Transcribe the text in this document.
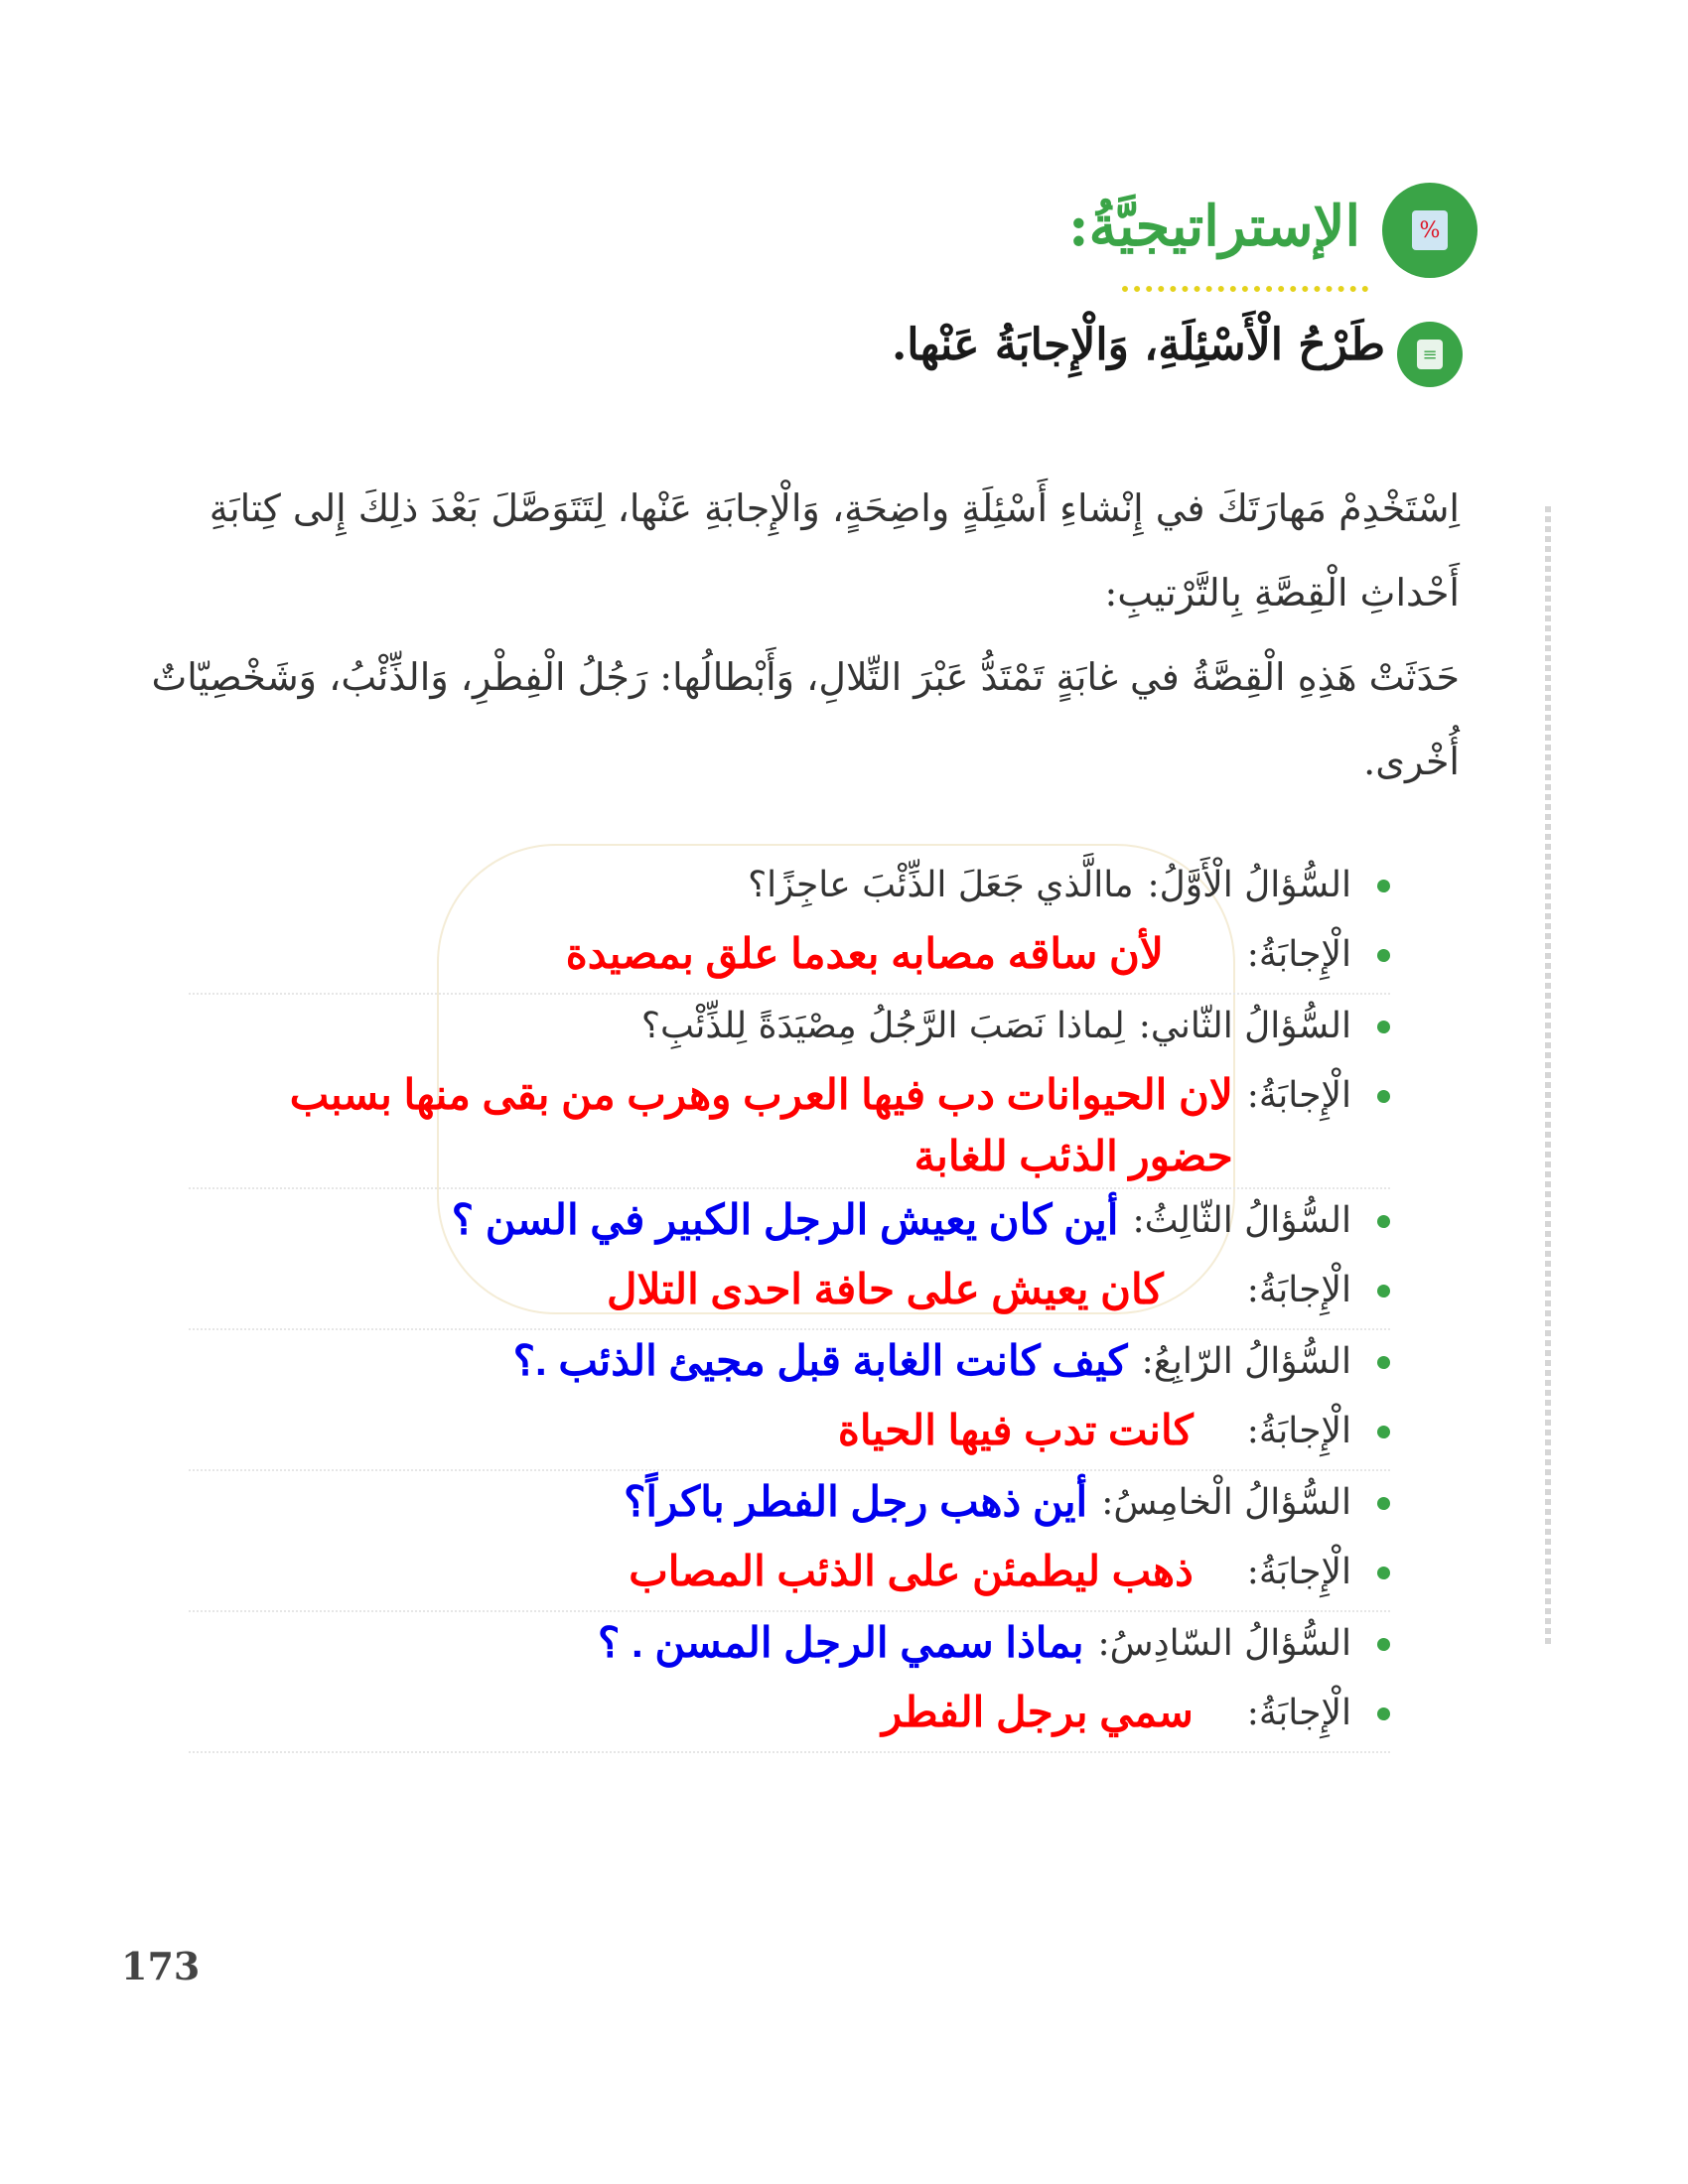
%
الإستراتيجيَّةُ:
≡
طَرْحُ الْأَسْئِلَةِ، وَالْإِجابَةُ عَنْها.
اِسْتَخْدِمْ مَهارَتَكَ في إِنْشاءِ أَسْئِلَةٍ واضِحَةٍ، وَالْإِجابَةِ عَنْها، لِتَتَوَصَّلَ بَعْدَ ذلِكَ إِلى كِتابَةِ
أَحْداثِ الْقِصَّةِ بِالتَّرْتيبِ:
حَدَثَتْ هَذِهِ الْقِصَّةُ في غابَةٍ تَمْتَدُّ عَبْرَ التِّلالِ، وَأَبْطالُها: رَجُلُ الْفِطْرِ، وَالذِّئْبُ، وَشَخْصِيّاتٌ
أُخْرى.
السُّؤالُ الْأَوَّلُ:
ماالَّذي جَعَلَ الذِّئْبَ عاجِزًا؟
الْإِجابَةُ:
لأن ساقه مصابه بعدما علق بمصيدة
السُّؤالُ الثّاني:
لِماذا نَصَبَ الرَّجُلُ مِصْيَدَةً لِلذِّئْبِ؟
الْإِجابَةُ:
لان الحيوانات دب فيها العرب وهرب من بقى منها بسبب حضور الذئب للغابة
السُّؤالُ الثّالِثُ:
أين كان يعيش الرجل الكبير في السن ؟
الْإِجابَةُ:
كان يعيش على حافة احدى التلال
السُّؤالُ الرّابِعُ:
كيف كانت الغابة قبل مجيئ الذئب .؟
الْإِجابَةُ:
كانت تدب فيها الحياة
السُّؤالُ الْخامِسُ:
أين ذهب رجل الفطر باكراً؟
الْإِجابَةُ:
ذهب ليطمئن على الذئب المصاب
السُّؤالُ السّادِسُ:
بماذا سمي الرجل المسن . ؟
الْإِجابَةُ:
سمي برجل الفطر
173
